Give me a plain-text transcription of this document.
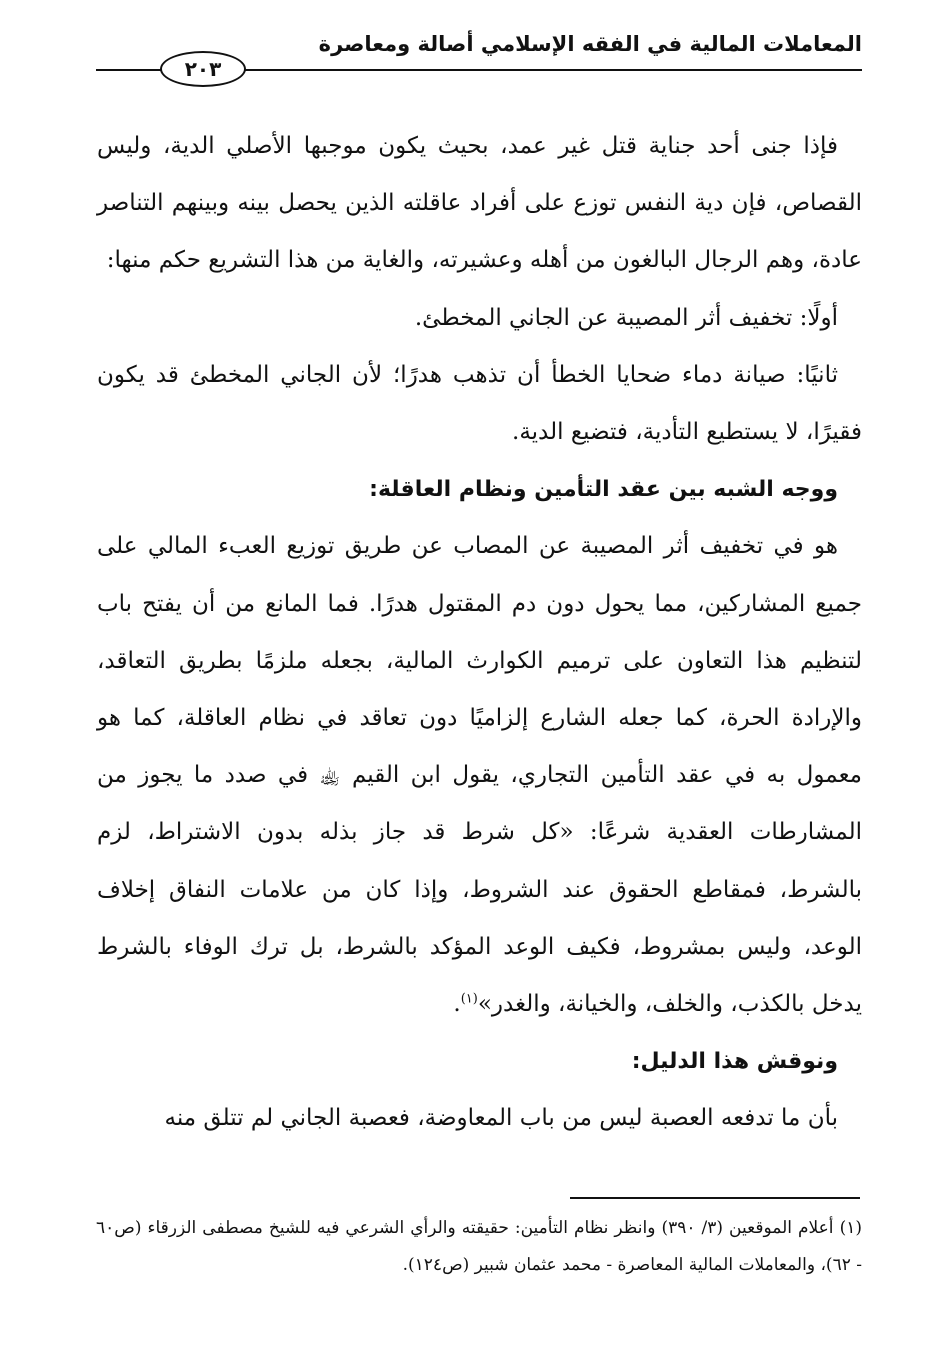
المعاملات المالية في الفقه الإسلامي أصالة ومعاصرة
٢٠٣

فإذا جنى أحد جناية قتل غير عمد، بحيث يكون موجبها الأصلي الدية، وليس القصاص، فإن دية النفس توزع على أفراد عاقلته الذين يحصل بينه وبينهم التناصر عادة، وهم الرجال البالغون من أهله وعشيرته، والغاية من هذا التشريع حكم منها:

أولًا: تخفيف أثر المصيبة عن الجاني المخطئ.

ثانيًا: صيانة دماء ضحايا الخطأ أن تذهب هدرًا؛ لأن الجاني المخطئ قد يكون فقيرًا، لا يستطيع التأدية، فتضيع الدية.

ووجه الشبه بين عقد التأمين ونظام العاقلة:

هو في تخفيف أثر المصيبة عن المصاب عن طريق توزيع العبء المالي على جميع المشاركين، مما يحول دون دم المقتول هدرًا. فما المانع من أن يفتح باب لتنظيم هذا التعاون على ترميم الكوارث المالية، بجعله ملزمًا بطريق التعاقد، والإرادة الحرة، كما جعله الشارع إلزاميًا دون تعاقد في نظام العاقلة، كما هو معمول به في عقد التأمين التجاري، يقول ابن القيم ﵀ في صدد ما يجوز من المشارطات العقدية شرعًا: «كل شرط قد جاز بذله بدون الاشتراط، لزم بالشرط، فمقاطع الحقوق عند الشروط، وإذا كان من علامات النفاق إخلاف الوعد، وليس بمشروط، فكيف الوعد المؤكد بالشرط، بل ترك الوفاء بالشرط يدخل بالكذب، والخلف، والخيانة، والغدر»$^{(١)}$.

ونوقش هذا الدليل:

بأن ما تدفعه العصبة ليس من باب المعاوضة، فعصبة الجاني لم تتلق منه

(١) أعلام الموقعين (٣/ ٣٩٠) وانظر نظام التأمين: حقيقته والرأي الشرعي فيه للشيخ مصطفى الزرقاء (ص٦٠ - ٦٢)، والمعاملات المالية المعاصرة - محمد عثمان شبير (ص١٢٤).
